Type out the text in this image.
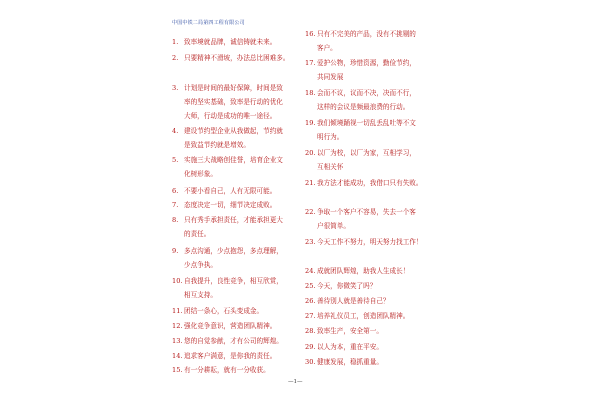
中国中铁二局第四工程有限公司
1. 致率境就品牌，诚信铸就未来。
2. 只要精神不滑坡，办法总比困难多。
3. 计划是时间的最好保障，时间是致
率的坚实基础，致率是行动的优化
大师，行动是成功的唯一途径。
4. 建设节约型企业从我做起，节约就
是致益节约就是增效。
5. 实施三大战略创佳誉，培育企业文
化树形象。
6. 不要小看自己，人有无限可能。
7. 态度决定一切，细节决定成败。
8. 只有秀手承担责任，才能承担更大
的责任。
9. 多点沟通，少点抱怨，多点理解，
少点争执。
10. 自我提升，良性竞争，相互欣赏，
相互支持。
11. 团结一条心，石头变成金。
12. 强化竞争意识，营造团队精神。
13. 您的自觉参献，才有公司的辉煌。
14. 追求客户满意，是你我的责任。
15. 有一分耕耘，就有一分收获。
16. 只有不完美的产品，没有不挑剔的
客户。
17. 爱护公物，珍惜资源，勤俭节约，
共同发展
18. 会而不议，议而不决，决而不行，
这样的会议是频最浪费的行动。
19. 我们倾境踊视一切乱丢乱吐等不文
明行为。
20. 以厂为校，以厂为家，互相学习，
互相关怀
21. 我方法才能成功，我借口只有失败。
22. 争取一个客户不容易，失去一个客
户很简单。
23. 今天工作不努力，明天努力找工作！
24. 成就团队辉煌，助我人生成长！
25. 今天，你微笑了吗？
26. 善待别人就是善待自己？
27. 培养礼仪员工，创造团队精神。
28. 致率生产，安全第一。
29. 以人为本，重在平安。
30. 健康发展，稳抓重量。
—1—
